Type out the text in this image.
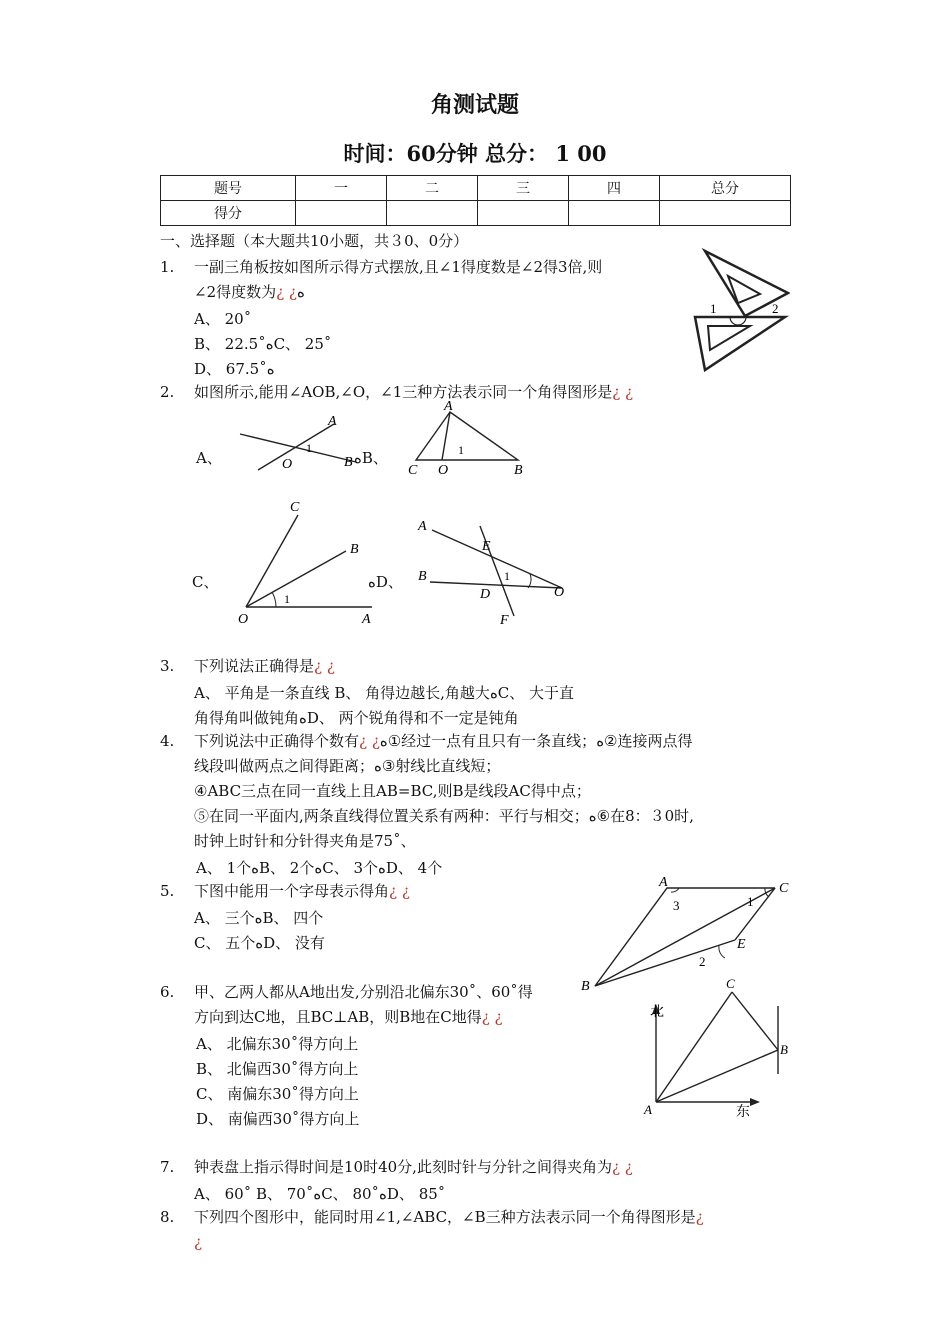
角测试题
时间：60分钟 总分： 1 00
题号	一	二	三	四	总分
得分					
一、选择题（本大题共10小题，共３0、0分）
1. 一副三角板按如图所示得方式摆放,且∠1得度数是∠2得3倍,则
∠2得度数为¿ ¿ه
A、 20˚
B、 22.5˚ﻩC、 25˚
D、 67.5˚ﻩ
1	2
2. 如图所示,能用∠AOB,∠O，∠1三种方法表示同一个角得图形是¿ ¿
A、
A
O	B
1
ﻩB、
A
C O	B
1
C、
C
B
O	A
1
ﻩD、
A
E
B
D	O
F
1
3. 下列说法正确得是¿ ¿
A、 平角是一条直线 B、 角得边越长,角越大ﻩC、 大于直
角得角叫做钝角ﻩD、 两个锐角得和不一定是钝角
4. 下列说法中正确得个数有¿ ¿ﻩ①经过一点有且只有一条直线；ﻩ②连接两点得
线段叫做两点之间得距离；ﻩ③射线比直线短；
④ABC三点在同一直线上且AB=BC,则B是线段AC得中点；
⑤在同一平面内,两条直线得位置关系有两种：平行与相交；ﻩ⑥在8：３0时,
时钟上时针和分针得夹角是75˚、
A、 1个ﻩB、 2个ﻩC、 3个ﻩD、 4个
5. 下图中能用一个字母表示得角¿ ¿
A、 三个ﻩB、 四个
C、 五个ﻩD、 没有
A	C
B
E
1
2
3
6. 甲、乙两人都从A地出发,分别沿北偏东30˚、60˚得
方向到达C地，且BC⊥AB，则B地在C地得¿ ¿
A、 北偏东30˚得方向上
B、 北偏西30˚得方向上
C、 南偏东30˚得方向上
D、 南偏西30˚得方向上
北
东
A
B
C
7. 钟表盘上指示得时间是10时40分,此刻时针与分针之间得夹角为¿ ¿
A、 60˚ B、 70˚ﻩC、 80˚ﻩD、 85˚
8. 下列四个图形中，能同时用∠1,∠ABC，∠B三种方法表示同一个角得图形是¿
¿
